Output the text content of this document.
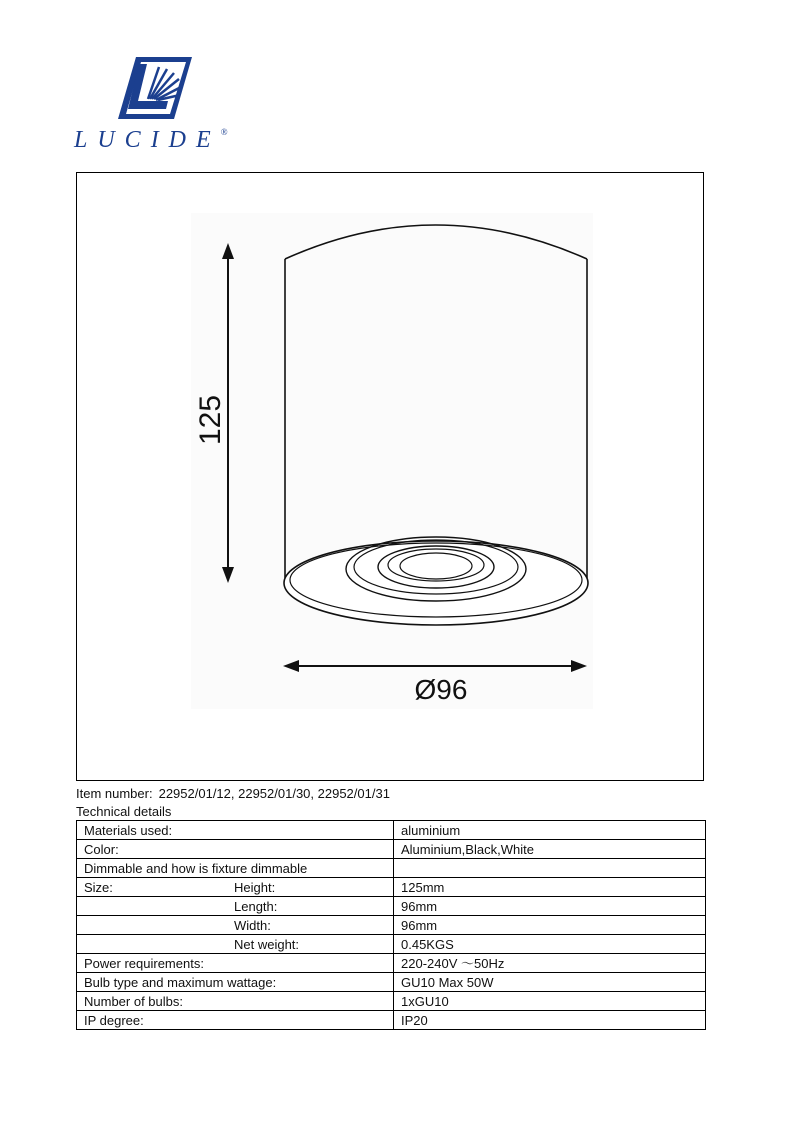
LUCIDE®
125
Ø96
Item number: 22952/01/12, 22952/01/30, 22952/01/31
Technical details
Materials used:	aluminium
Color:	Aluminium,Black,White
Dimmable and how is fixture dimmable	
Size: Height:	125mm
Length:	96mm
Width:	96mm
Net weight:	0.45KGS
Power requirements:	220-240V ～50Hz
Bulb type and maximum wattage:	GU10 Max 50W
Number of bulbs:	1xGU10
IP degree:	IP20
